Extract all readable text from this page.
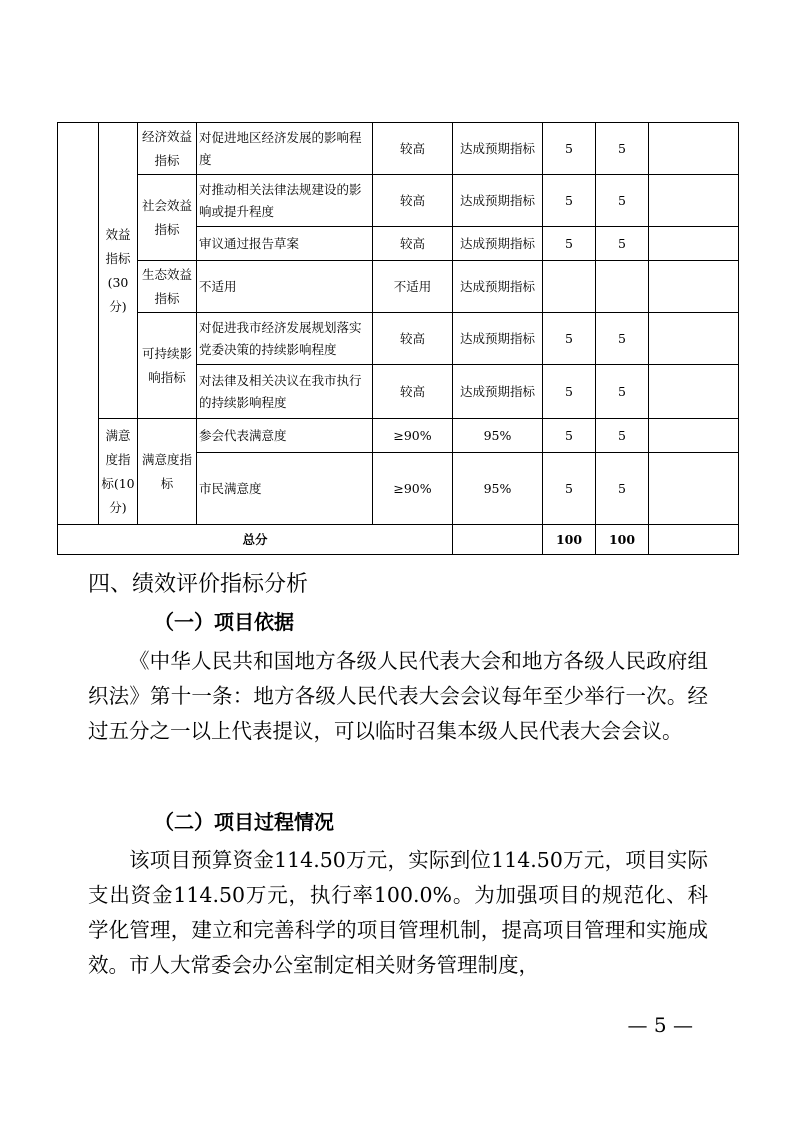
	效益指标(30分)	经济效益指标	对促进地区经济发展的影响程度	较高	达成预期指标	5	5	
		社会效益指标	对推动相关法律法规建设的影响或提升程度	较高	达成预期指标	5	5	
			审议通过报告草案	较高	达成预期指标	5	5	
		生态效益指标	不适用	不适用	达成预期指标			
		可持续影响指标	对促进我市经济发展规划落实党委决策的持续影响程度	较高	达成预期指标	5	5	
			对法律及相关决议在我市执行的持续影响程度	较高	达成预期指标	5	5	
	满意度指标(10分)	满意度指标	参会代表满意度	≥90%	95%	5	5	
			市民满意度	≥90%	95%	5	5	
总分						100	100	
四、绩效评价指标分析
（一）项目依据
《中华人民共和国地方各级人民代表大会和地方各级人民政府组织法》第十一条：地方各级人民代表大会会议每年至少举行一次。经过五分之一以上代表提议，可以临时召集本级人民代表大会会议。
（二）项目过程情况
该项目预算资金114.50万元，实际到位114.50万元，项目实际支出资金114.50万元，执行率100.0%。为加强项目的规范化、科学化管理，建立和完善科学的项目管理机制，提高项目管理和实施成效。市人大常委会办公室制定相关财务管理制度，
— 5 —
